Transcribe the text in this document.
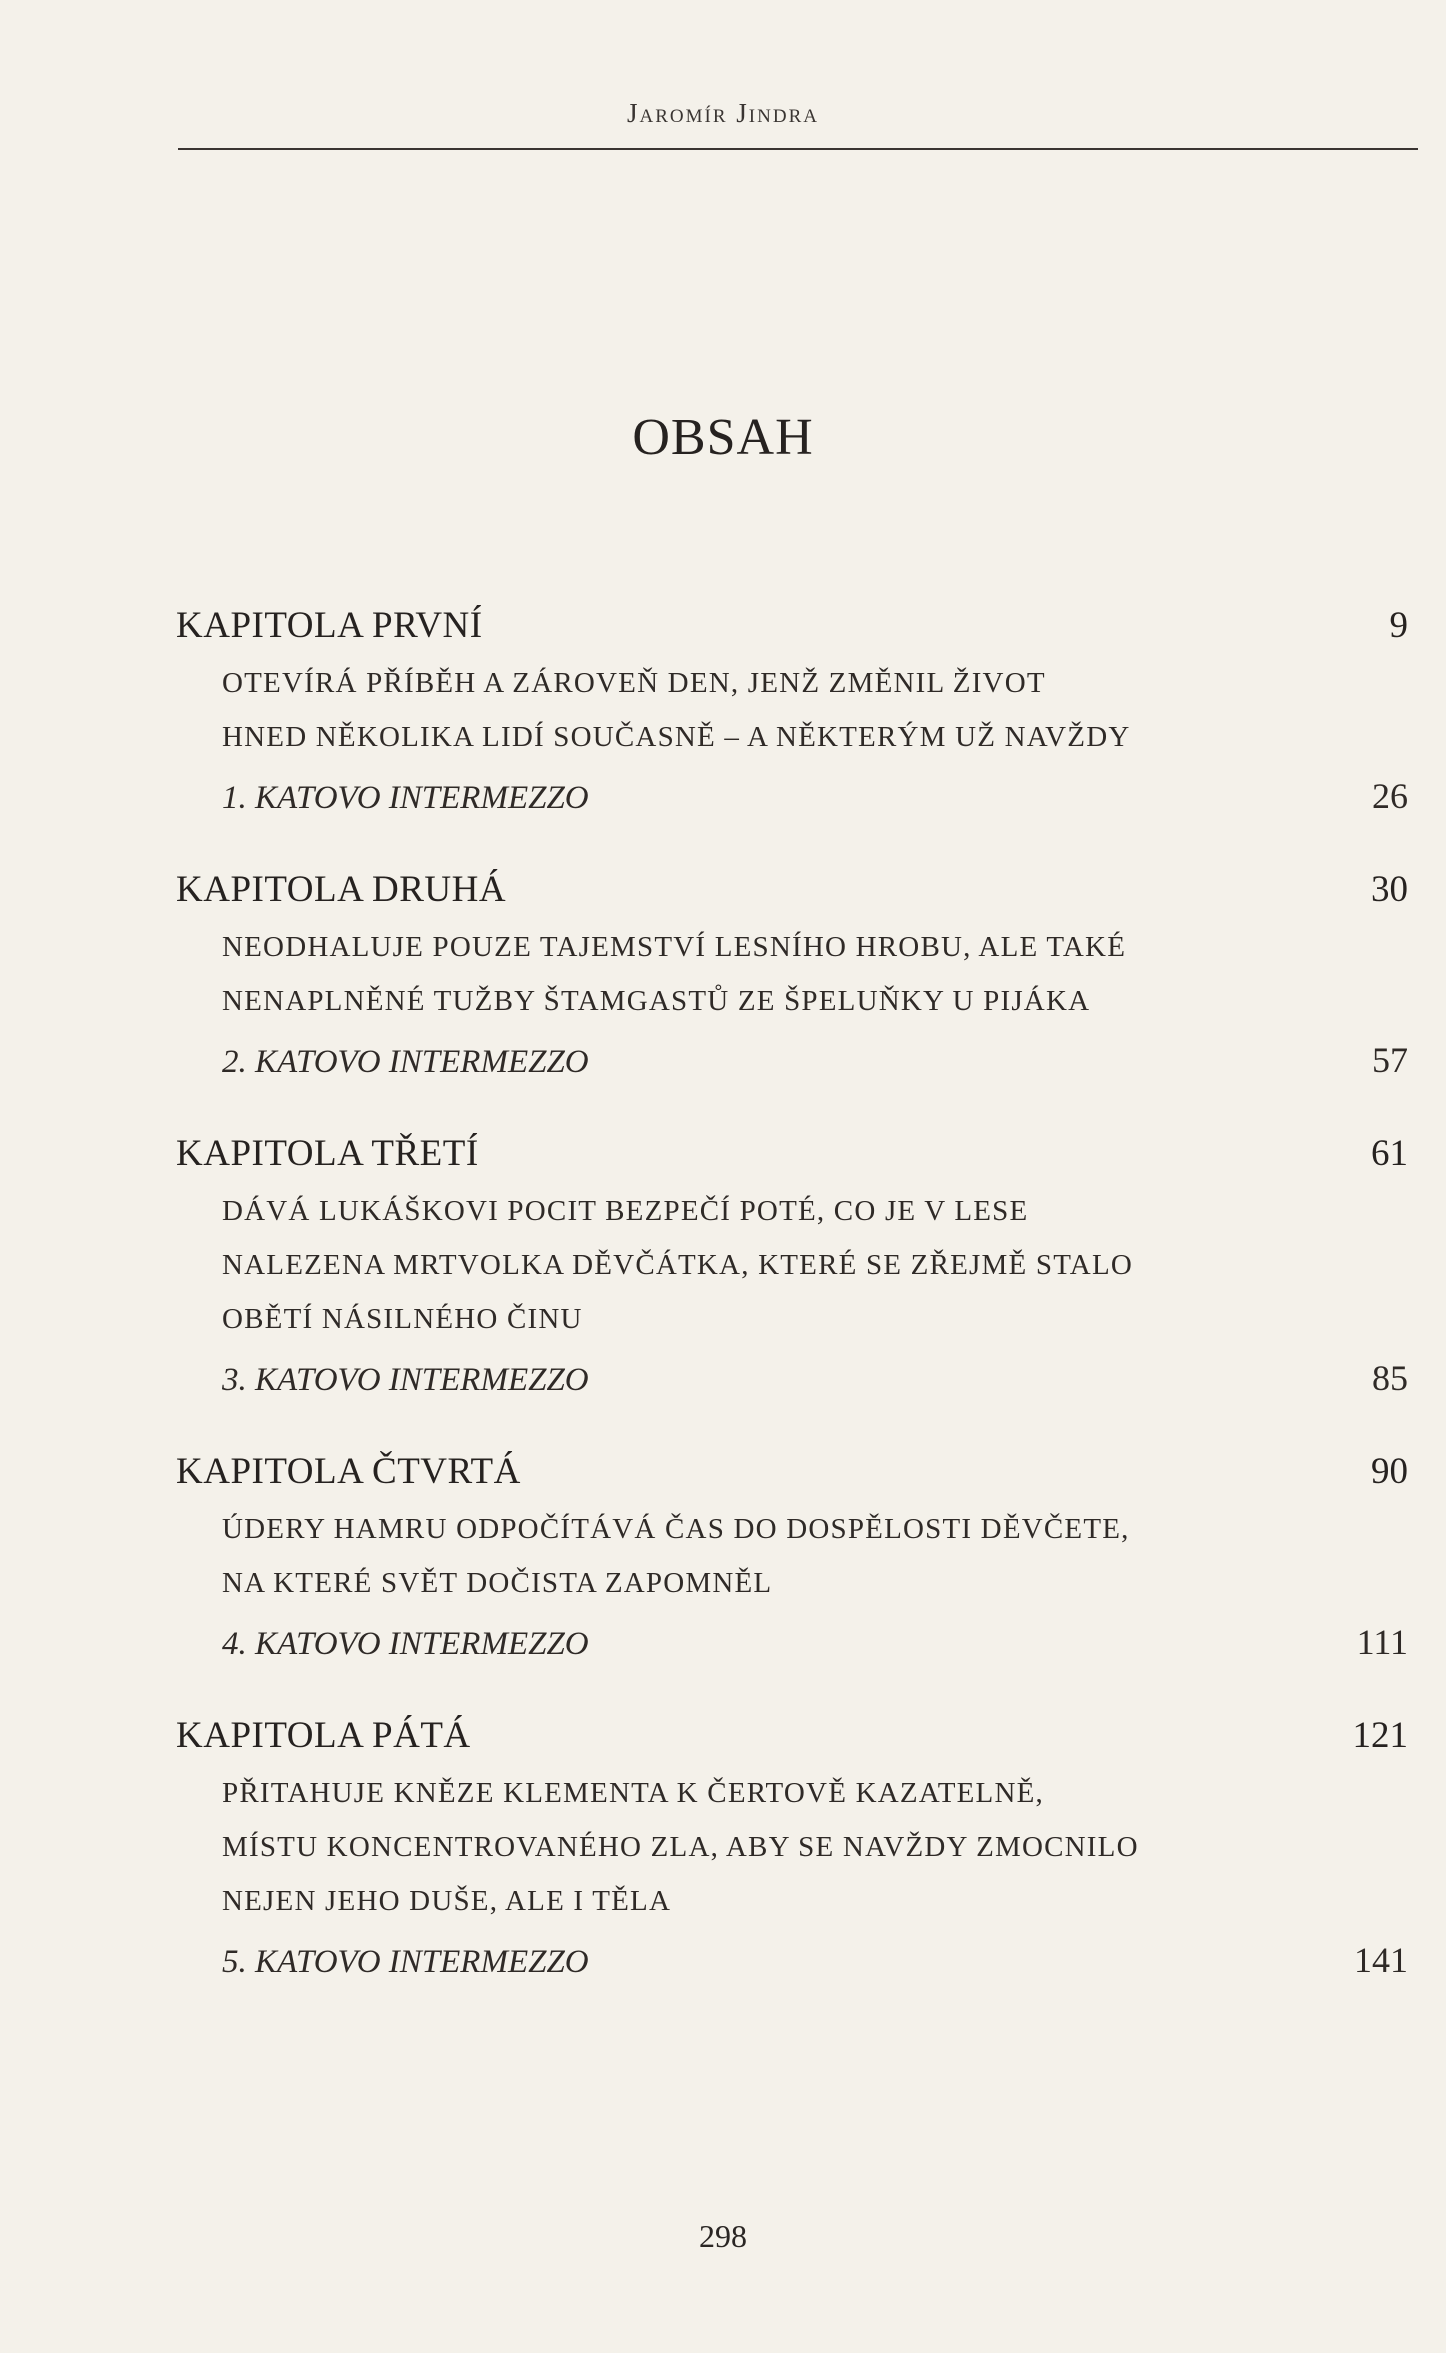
Jaromír Jindra
OBSAH
KAPITOLA PRVNÍ	9
OTEVÍRÁ PŘÍBĚH A ZÁROVEŇ DEN, JENŽ ZMĚNIL ŽIVOT
HNED NĚKOLIKA LIDÍ SOUČASNĚ – A NĚKTERÝM UŽ NAVŽDY
1. KATOVO INTERMEZZO	26
KAPITOLA DRUHÁ	30
NEODHALUJE POUZE TAJEMSTVÍ LESNÍHO HROBU, ALE TAKÉ
NENAPLNĚNÉ TUŽBY ŠTAMGASTŮ ZE ŠPELUŇKY U PIJÁKA
2. KATOVO INTERMEZZO	57
KAPITOLA TŘETÍ	61
DÁVÁ LUKÁŠKOVI POCIT BEZPEČÍ POTÉ, CO JE V LESE
NALEZENA MRTVOLKA DĚVČÁTKA, KTERÉ SE ZŘEJMĚ STALO
OBĚTÍ NÁSILNÉHO ČINU
3. KATOVO INTERMEZZO	85
KAPITOLA ČTVRTÁ	90
ÚDERY HAMRU ODPOČÍTÁVÁ ČAS DO DOSPĚLOSTI DĚVČETE,
NA KTERÉ SVĚT DOČISTA ZAPOMNĚL
4. KATOVO INTERMEZZO	111
KAPITOLA PÁTÁ	121
PŘITAHUJE KNĚZE KLEMENTA K ČERTOVĚ KAZATELNĚ,
MÍSTU KONCENTROVANÉHO ZLA, ABY SE NAVŽDY ZMOCNILO
NEJEN JEHO DUŠE, ALE I TĚLA
5. KATOVO INTERMEZZO	141
298
